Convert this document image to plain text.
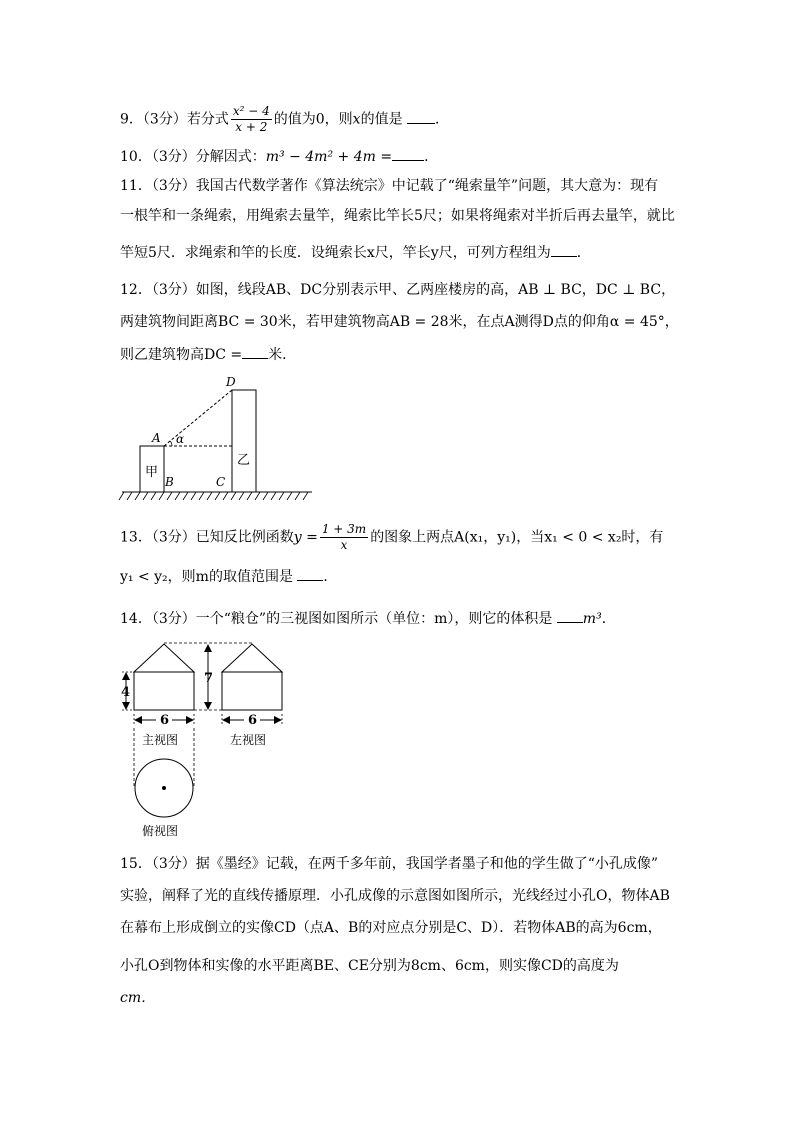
9．（3分）若分式 $\frac{\text{x² − 4}}{x + 2}$ 的值为0，则x的值是 ．
10．（3分）分解因式：m³ − 4m² + 4m = ．
11．（3分）我国古代数学著作《算法统宗》中记载了“绳索量竿”问题，其大意为：现有
一根竿和一条绳索，用绳索去量竿，绳索比竿长5尺；如果将绳索对半折后再去量竿，就比
竿短5尺．求绳索和竿的长度．设绳索长x尺，竿长y尺，可列方程组为 ．
12．（3分）如图，线段AB、DC分别表示甲、乙两座楼房的高，AB ⊥ BC，DC ⊥ BC，
两建筑物间距离BC = 30米，若甲建筑物高AB = 28米，在点A测得D点的仰角α = 45°，
则乙建筑物高DC = 米．
D
A α
B	C
甲
乙
13．（3分）已知反比例函数$y = \frac{1 + 3m}{x}$ 的图象上两点A(x₁，y₁)，当x₁ < 0 < x₂时，有
y₁ < y₂，则m的取值范围是 ．
14．（3分）一个“粮仓”的三视图如图所示（单位：m），则它的体积是 m³．
7
4
6	6
主视图	左视图
俯视图
15．（3分）据《墨经》记载，在两千多年前，我国学者墨子和他的学生做了“小孔成像”
实验，阐释了光的直线传播原理．小孔成像的示意图如图所示，光线经过小孔O，物体AB
在幕布上形成倒立的实像CD（点A、B的对应点分别是C、D）．若物体AB的高为6cm，
小孔O到物体和实像的水平距离BE、CE分别为8cm、6cm，则实像CD的高度为
cm．
